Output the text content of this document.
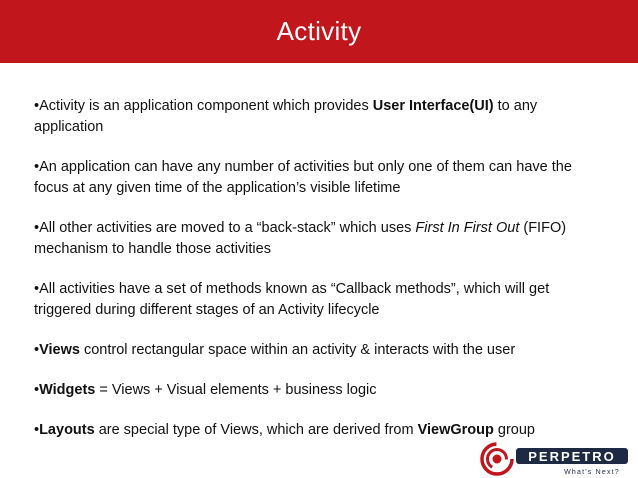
Activity
•Activity is an application component which provides User Interface(UI) to any application
•An application can have any number of activities but only one of them can have the focus at any given time of the application’s visible lifetime
•All other activities are moved to a “back-stack” which uses First In First Out (FIFO) mechanism to handle those activities
•All activities have a set of methods known as “Callback methods”, which will get triggered during different stages of an Activity lifecycle
•Views control rectangular space within an activity & interacts with the user
•Widgets = Views + Visual elements + business logic
•Layouts are special type of Views, which are derived from ViewGroup group
PERPETRO
What's Next?
